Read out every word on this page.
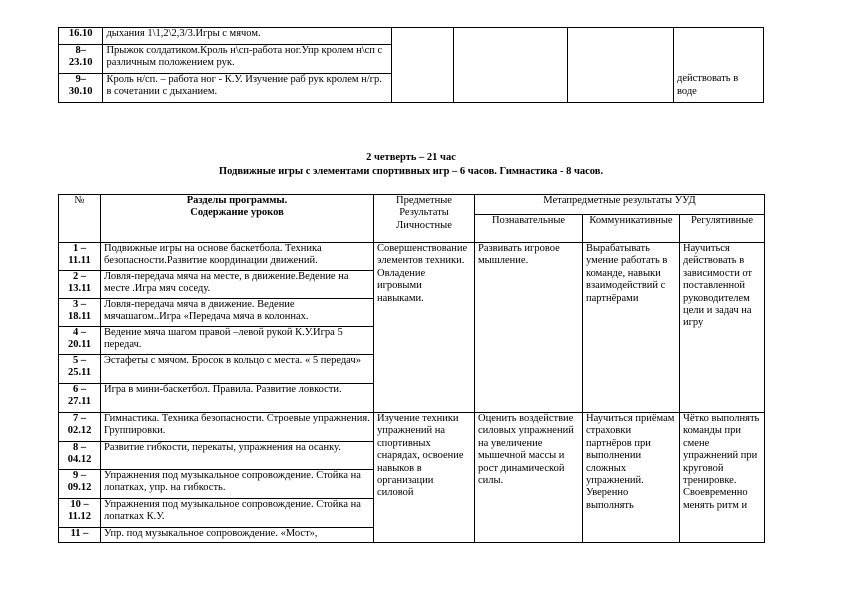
16.10	дыхания 1\1,2\2,3/3.Игры с мячом.				действовать в воде
8–
23.10	Прыжок солдатиком.Кроль н\сп-работа ног.Упр кролем н\сп с различным положением рук.				
9–
30.10	Кроль н/сп. – работа ног - К.У. Изучение раб рук кролем н/гр. в сочетании с дыханием.				
2 четверть – 21 час
Подвижные игры с элементами спортивных игр – 6 часов. Гимнастика - 8 часов.
№	Разделы программы.
Содержание уроков	Предметные
Результаты
Личностные	Метапредметные результаты УУД		
			Познавательные	Коммуникативные	Регулятивные
1 –
11.11	Подвижные игры на основе баскетбола. Техника безопасности.Развитие координации движений.	Совершенствование элементов техники. Овладение игровыми навыками.	Развивать игровое мышление.	Вырабатывать умение работать в команде, навыки взаимодействий с партнёрами	Научиться действовать в зависимости от поставленной руководителем цели и задач на игру
2 –
13.11	Ловля-передача мяча на месте, в движение.Ведение на месте .Игра мяч соседу.				
3 –
18.11	Ловля-передача мяча в движение. Ведение мячашагом..Игра «Передача мяча в колоннах.				
4 –
20.11	Ведение мяча шагом правой –левой рукой К.У.Игра 5 передач.				
5 –
25.11	Эстафеты с мячом. Бросок в кольцо с места. « 5 передач»				
6 –
27.11	Игра в мини-баскетбол. Правила. Развитие ловкости.				
7 –
02.12	Гимнастика. Техника безопасности. Строевые упражнения. Группировки.	Изучение техники упражнений на спортивных снарядах, освоение навыков в организации силовой	Оценить воздействие силовых упражнений на увеличение мышечной массы и рост динамической силы.	Научиться приёмам страховки партнёров при выполнении сложных упражнений. Уверенно выполнять	Чётко выполнять команды при смене упражнений при круговой тренировке. Своевременно менять ритм и
8 –
04.12	Развитие гибкости, перекаты, упражнения на осанку.				
9 –
09.12	Упражнения под музыкальное сопровождение. Стойка на лопатках, упр. на гибкость.				
10 –
11.12	Упражнения под музыкальное сопровождение. Стойка на лопатках К.У.				
11 –	Упр. под музыкальное сопровождение. «Мост»,				
